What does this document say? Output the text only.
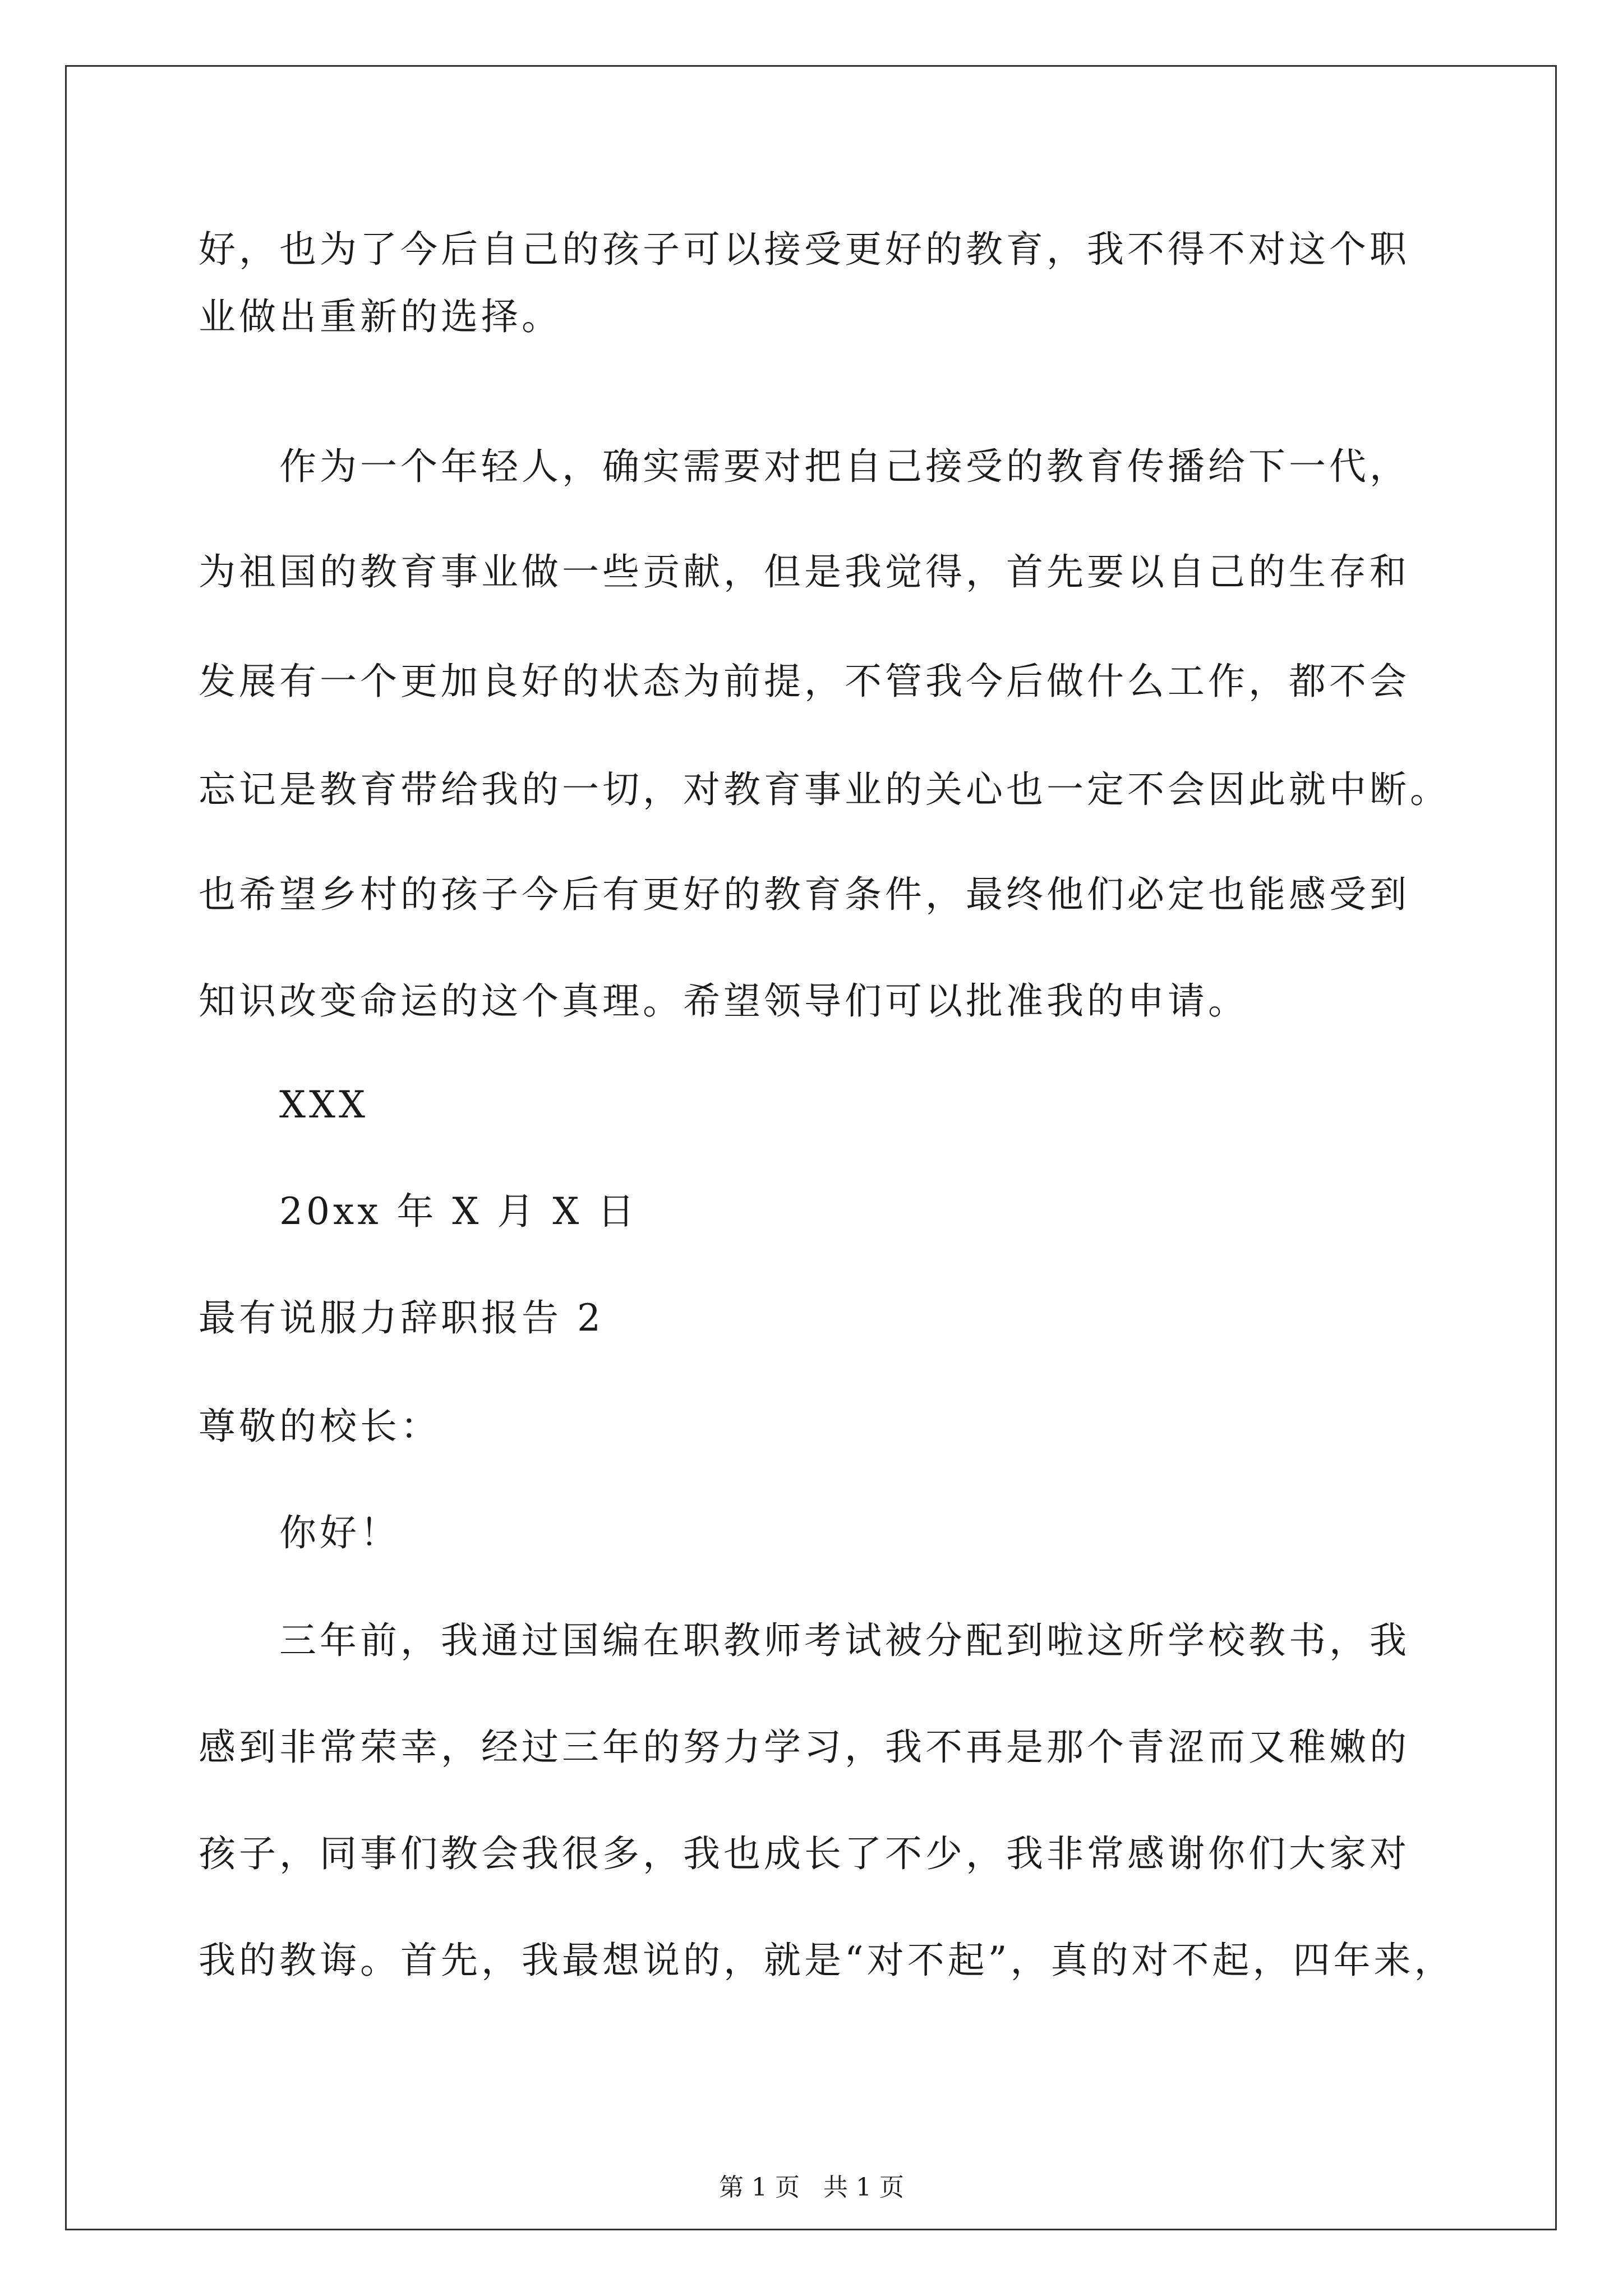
好，也为了今后自己的孩子可以接受更好的教育，我不得不对这个职
业做出重新的选择。
作为一个年轻人，确实需要对把自己接受的教育传播给下一代，
为祖国的教育事业做一些贡献，但是我觉得，首先要以自己的生存和
发展有一个更加良好的状态为前提，不管我今后做什么工作，都不会
忘记是教育带给我的一切，对教育事业的关心也一定不会因此就中断。
也希望乡村的孩子今后有更好的教育条件，最终他们必定也能感受到
知识改变命运的这个真理。希望领导们可以批准我的申请。
XXX
20xx 年 X 月 X 日
最有说服力辞职报告 2
尊敬的校长：
你好！
三年前，我通过国编在职教师考试被分配到啦这所学校教书，我
感到非常荣幸，经过三年的努力学习，我不再是那个青涩而又稚嫩的
孩子，同事们教会我很多，我也成长了不少，我非常感谢你们大家对
我的教诲。首先，我最想说的，就是“对不起”，真的对不起，四年来，
第 1 页   共 1 页
